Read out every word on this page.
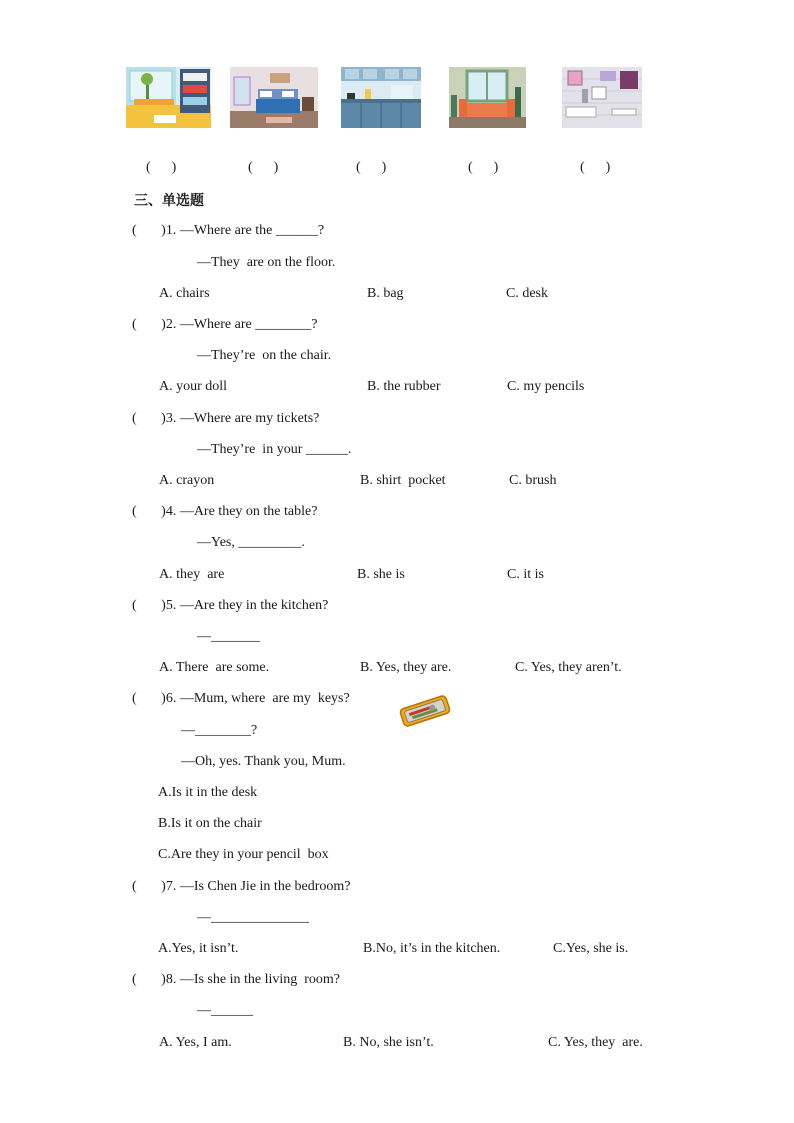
(      )	(      )	(      )	(      )	(      )
三、单选题
(       )1. —Where are the ______?
—They  are on the floor.
A. chairs	B. bag	C. desk
(       )2. —Where are ________?
—They’re  on the chair.
A. your doll	B. the rubber	C. my pencils
(       )3. —Where are my tickets?
—They’re  in your ______.
A. crayon	B. shirt  pocket	C. brush
(       )4. —Are they on the table?
—Yes, _________.
A. they  are	B. she is	C. it is
(       )5. —Are they in the kitchen?
—_______
A. There  are some.	B. Yes, they are.	C. Yes, they aren’t.
(       )6. —Mum, where  are my  keys?
—________?
—Oh, yes. Thank you, Mum.
A.Is it in the desk
B.Is it on the chair
C.Are they in your pencil  box
(       )7. —Is Chen Jie in the bedroom?
—______________
A.Yes, it isn’t.	B.No, it’s in the kitchen.	C.Yes, she is.
(       )8. —Is she in the living  room?
—______
A. Yes, I am.	B. No, she isn’t.	C. Yes, they  are.
